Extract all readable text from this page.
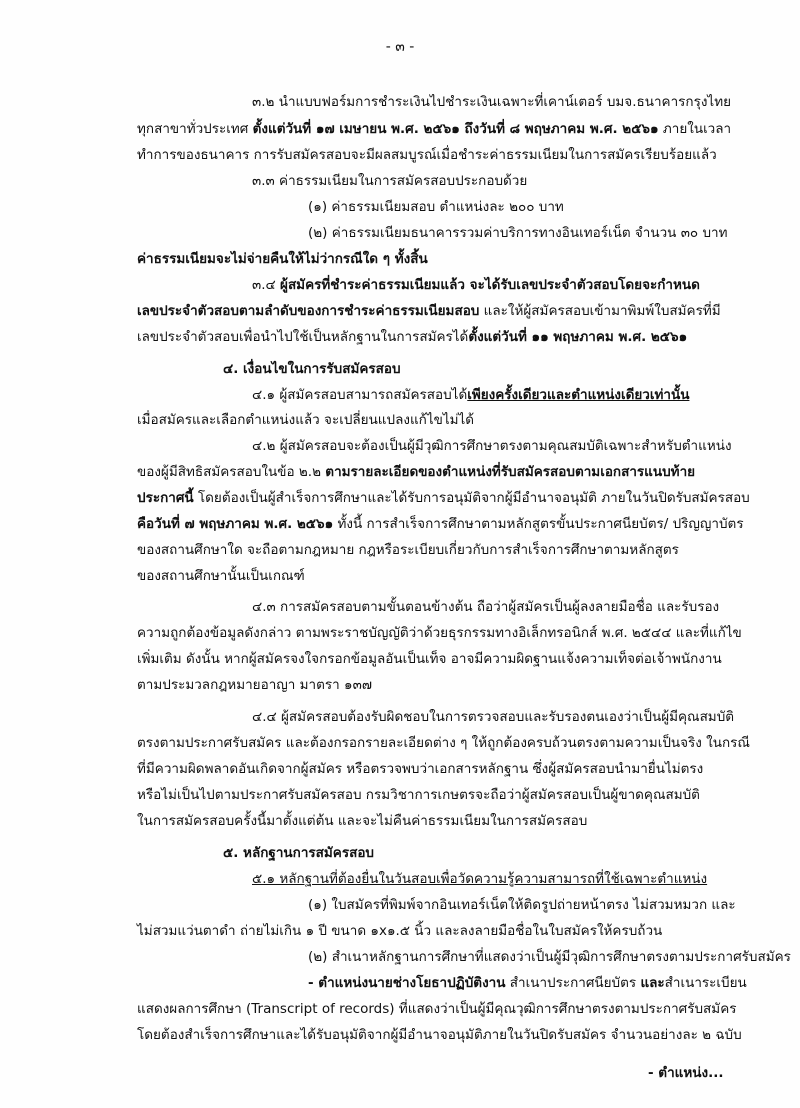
- ๓ -
๓.๒ นำแบบฟอร์มการชำระเงินไปชำระเงินเฉพาะที่เคาน์เตอร์ บมจ.ธนาคารกรุงไทย
ทุกสาขาทั่วประเทศ ตั้งแต่วันที่ ๑๗ เมษายน พ.ศ. ๒๕๖๑ ถึงวันที่ ๘ พฤษภาคม พ.ศ. ๒๕๖๑ ภายในเวลา
ทำการของธนาคาร การรับสมัครสอบจะมีผลสมบูรณ์เมื่อชำระค่าธรรมเนียมในการสมัครเรียบร้อยแล้ว
๓.๓ ค่าธรรมเนียมในการสมัครสอบประกอบด้วย
(๑) ค่าธรรมเนียมสอบ ตำแหน่งละ ๒๐๐ บาท
(๒) ค่าธรรมเนียมธนาคารรวมค่าบริการทางอินเทอร์เน็ต จำนวน ๓๐ บาท
ค่าธรรมเนียมจะไม่จ่ายคืนให้ไม่ว่ากรณีใด ๆ ทั้งสิ้น
๓.๔ ผู้สมัครที่ชำระค่าธรรมเนียมแล้ว จะได้รับเลขประจำตัวสอบโดยจะกำหนด
เลขประจำตัวสอบตามลำดับของการชำระค่าธรรมเนียมสอบ และให้ผู้สมัครสอบเข้ามาพิมพ์ใบสมัครที่มี
เลขประจำตัวสอบเพื่อนำไปใช้เป็นหลักฐานในการสมัครได้ตั้งแต่วันที่ ๑๑ พฤษภาคม พ.ศ. ๒๕๖๑
๔. เงื่อนไขในการรับสมัครสอบ
๔.๑ ผู้สมัครสอบสามารถสมัครสอบได้เพียงครั้งเดียวและตำแหน่งเดียวเท่านั้น
เมื่อสมัครและเลือกตำแหน่งแล้ว จะเปลี่ยนแปลงแก้ไขไม่ได้
๔.๒ ผู้สมัครสอบจะต้องเป็นผู้มีวุฒิการศึกษาตรงตามคุณสมบัติเฉพาะสำหรับตำแหน่ง
ของผู้มีสิทธิสมัครสอบในข้อ ๒.๒ ตามรายละเอียดของตำแหน่งที่รับสมัครสอบตามเอกสารแนบท้าย
ประกาศนี้ โดยต้องเป็นผู้สำเร็จการศึกษาและได้รับการอนุมัติจากผู้มีอำนาจอนุมัติ ภายในวันปิดรับสมัครสอบ
คือวันที่ ๗ พฤษภาคม พ.ศ. ๒๕๖๑ ทั้งนี้ การสำเร็จการศึกษาตามหลักสูตรขั้นประกาศนียบัตร/ ปริญญาบัตร
ของสถานศึกษาใด จะถือตามกฎหมาย กฎหรือระเบียบเกี่ยวกับการสำเร็จการศึกษาตามหลักสูตร
ของสถานศึกษานั้นเป็นเกณฑ์
๔.๓ การสมัครสอบตามขั้นตอนข้างต้น ถือว่าผู้สมัครเป็นผู้ลงลายมือชื่อ และรับรอง
ความถูกต้องข้อมูลดังกล่าว ตามพระราชบัญญัติว่าด้วยธุรกรรมทางอิเล็กทรอนิกส์ พ.ศ. ๒๕๔๔ และที่แก้ไข
เพิ่มเติม ดังนั้น หากผู้สมัครจงใจกรอกข้อมูลอันเป็นเท็จ อาจมีความผิดฐานแจ้งความเท็จต่อเจ้าพนักงาน
ตามประมวลกฎหมายอาญา มาตรา ๑๓๗
๔.๔ ผู้สมัครสอบต้องรับผิดชอบในการตรวจสอบและรับรองตนเองว่าเป็นผู้มีคุณสมบัติ
ตรงตามประกาศรับสมัคร และต้องกรอกรายละเอียดต่าง ๆ ให้ถูกต้องครบถ้วนตรงตามความเป็นจริง ในกรณี
ที่มีความผิดพลาดอันเกิดจากผู้สมัคร หรือตรวจพบว่าเอกสารหลักฐาน ซึ่งผู้สมัครสอบนำมายื่นไม่ตรง
หรือไม่เป็นไปตามประกาศรับสมัครสอบ กรมวิชาการเกษตรจะถือว่าผู้สมัครสอบเป็นผู้ขาดคุณสมบัติ
ในการสมัครสอบครั้งนี้มาตั้งแต่ต้น และจะไม่คืนค่าธรรมเนียมในการสมัครสอบ
๕. หลักฐานการสมัครสอบ
๕.๑ หลักฐานที่ต้องยื่นในวันสอบเพื่อวัดความรู้ความสามารถที่ใช้เฉพาะตำแหน่ง
(๑) ใบสมัครที่พิมพ์จากอินเทอร์เน็ตให้ติดรูปถ่ายหน้าตรง ไม่สวมหมวก และ
ไม่สวมแว่นตาดำ ถ่ายไม่เกิน ๑ ปี ขนาด ๑x๑.๕ นิ้ว และลงลายมือชื่อในใบสมัครให้ครบถ้วน
(๒) สำเนาหลักฐานการศึกษาที่แสดงว่าเป็นผู้มีวุฒิการศึกษาตรงตามประกาศรับสมัคร
- ตำแหน่งนายช่างโยธาปฏิบัติงาน สำเนาประกาศนียบัตร และสำเนาระเบียน
แสดงผลการศึกษา (Transcript of records) ที่แสดงว่าเป็นผู้มีคุณวุฒิการศึกษาตรงตามประกาศรับสมัคร
โดยต้องสำเร็จการศึกษาและได้รับอนุมัติจากผู้มีอำนาจอนุมัติภายในวันปิดรับสมัคร จำนวนอย่างละ ๒ ฉบับ
- ตำแหน่ง...
